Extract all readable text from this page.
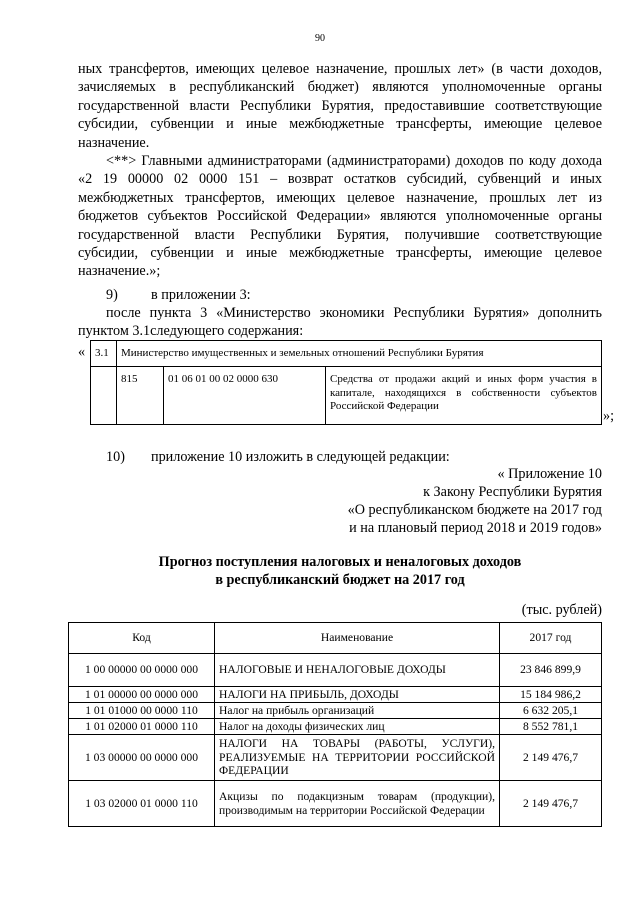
90
ных трансфертов, имеющих целевое назначение, прошлых лет» (в части доходов, зачисляемых в республиканский бюджет) являются уполномоченные органы государственной власти Республики Бурятия, предоставившие соответствующие субсидии, субвенции и иные межбюджетные трансферты, имеющие целевое назначение.
<**> Главными администраторами (администраторами) доходов по коду дохода «2 19 00000 02 0000 151 – возврат остатков субсидий, субвенций и иных межбюджетных трансфертов, имеющих целевое назначение, прошлых лет из бюджетов субъектов Российской Федерации» являются уполномоченные органы государственной власти Республики Бурятия, получившие соответствующие субсидии, субвенции и иные межбюджетные трансферты, имеющие целевое назначение.»;
9) в приложении 3:
после пункта 3 «Министерство экономики Республики Бурятия» дополнить пунктом 3.1следующего содержания:
« 3.1	Министерство имущественных и земельных отношений Республики Бурятия		
	815	01 06 01 00 02 0000 630	Средства от продажи акций и иных форм участия в капитале, находящихся в собственности субъектов Российской Федерации
»;
10) приложение 10 изложить в следующей редакции:
« Приложение 10
к Закону Республики Бурятия
«О республиканском бюджете на 2017 год
и на плановый период 2018 и 2019 годов»
Прогноз поступления налоговых и неналоговых доходов
в республиканский бюджет на 2017 год
(тыс. рублей)
Код	Наименование	2017 год
1 00 00000 00 0000 000	НАЛОГОВЫЕ И НЕНАЛОГОВЫЕ ДОХОДЫ	23 846 899,9
1 01 00000 00 0000 000	НАЛОГИ НА ПРИБЫЛЬ, ДОХОДЫ	15 184 986,2
1 01 01000 00 0000 110	Налог на прибыль организаций	6 632 205,1
1 01 02000 01 0000 110	Налог на доходы физических лиц	8 552 781,1
1 03 00000 00 0000 000	НАЛОГИ НА ТОВАРЫ (РАБОТЫ, УСЛУГИ), РЕАЛИЗУЕМЫЕ НА ТЕРРИТОРИИ РОССИЙСКОЙ ФЕДЕРАЦИИ	2 149 476,7
1 03 02000 01 0000 110	Акцизы по подакцизным товарам (продукции), производимым на территории Российской Федерации	2 149 476,7
